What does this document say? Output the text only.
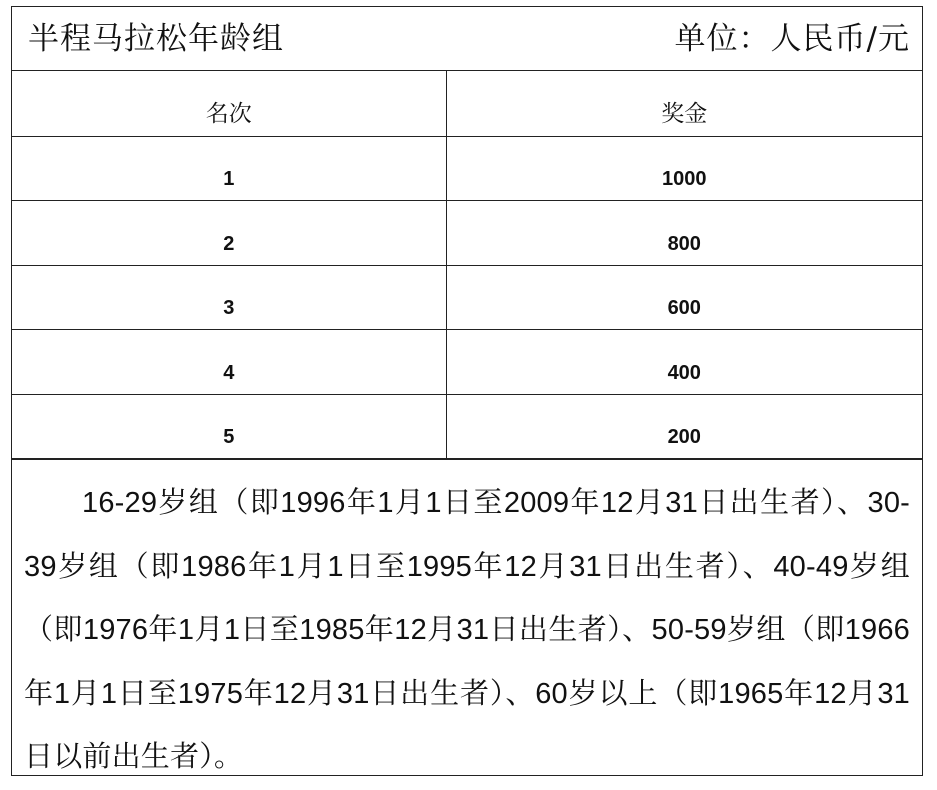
半程马拉松年龄组	单位：人民币/元
名次	奖金
1	1000
2	800
3	600
4	400
5	200

16-29岁组（即1996年1月1日至2009年12月31日出生者）、30-39岁组（即1986年1月1日至1995年12月31日出生者）、40-49岁组（即1976年1月1日至1985年12月31日出生者）、50-59岁组（即1966年1月1日至1975年12月31日出生者）、60岁以上（即1965年12月31日以前出生者）。
